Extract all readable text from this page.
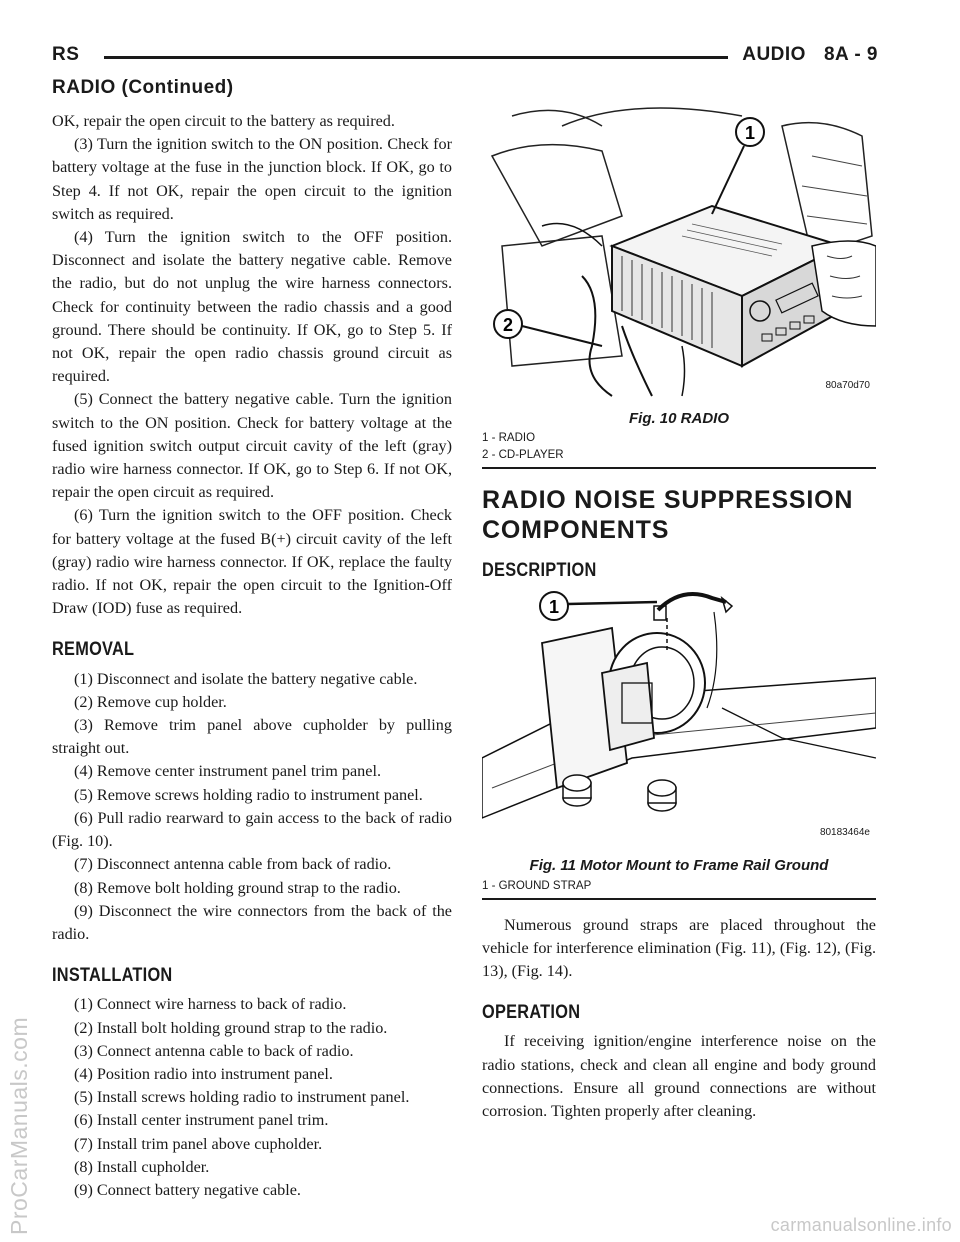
RS	AUDIO 8A - 9
RADIO (Continued)

OK, repair the open circuit to the battery as required.

(3) Turn the ignition switch to the ON position. Check for battery voltage at the fuse in the junction block. If OK, go to Step 4. If not OK, repair the open circuit to the ignition switch as required.

(4) Turn the ignition switch to the OFF position. Disconnect and isolate the battery negative cable. Remove the radio, but do not unplug the wire harness connectors. Check for continuity between the radio chassis and a good ground. There should be continuity. If OK, go to Step 5. If not OK, repair the open radio chassis ground circuit as required.

(5) Connect the battery negative cable. Turn the ignition switch to the ON position. Check for battery voltage at the fused ignition switch output circuit cavity of the left (gray) radio wire harness connector. If OK, go to Step 6. If not OK, repair the open circuit as required.

(6) Turn the ignition switch to the OFF position. Check for battery voltage at the fused B(+) circuit cavity of the left (gray) radio wire harness connector. If OK, replace the faulty radio. If not OK, repair the open circuit to the Ignition-Off Draw (IOD) fuse as required.

REMOVAL

(1) Disconnect and isolate the battery negative cable.

(2) Remove cup holder.

(3) Remove trim panel above cupholder by pulling straight out.

(4) Remove center instrument panel trim panel.

(5) Remove screws holding radio to instrument panel.

(6) Pull radio rearward to gain access to the back of radio (Fig. 10).

(7) Disconnect antenna cable from back of radio.

(8) Remove bolt holding ground strap to the radio.

(9) Disconnect the wire connectors from the back of the radio.

INSTALLATION

(1) Connect wire harness to back of radio.

(2) Install bolt holding ground strap to the radio.

(3) Connect antenna cable to back of radio.

(4) Position radio into instrument panel.

(5) Install screws holding radio to instrument panel.

(6) Install center instrument panel trim.

(7) Install trim panel above cupholder.

(8) Install cupholder.

(9) Connect battery negative cable.

1
2
80a70d70
Fig. 10 RADIO
1 - RADIO
2 - CD-PLAYER
RADIO NOISE SUPPRESSION COMPONENTS
DESCRIPTION
1
80183464e
Fig. 11 Motor Mount to Frame Rail Ground
1 - GROUND STRAP

Numerous ground straps are placed throughout the vehicle for interference elimination (Fig. 11), (Fig. 12), (Fig. 13), (Fig. 14).

OPERATION

If receiving ignition/engine interference noise on the radio stations, check and clean all engine and body ground connections. Ensure all ground connections are without corrosion. Tighten properly after cleaning.

ProCarManuals.com	carmanualsonline.info
